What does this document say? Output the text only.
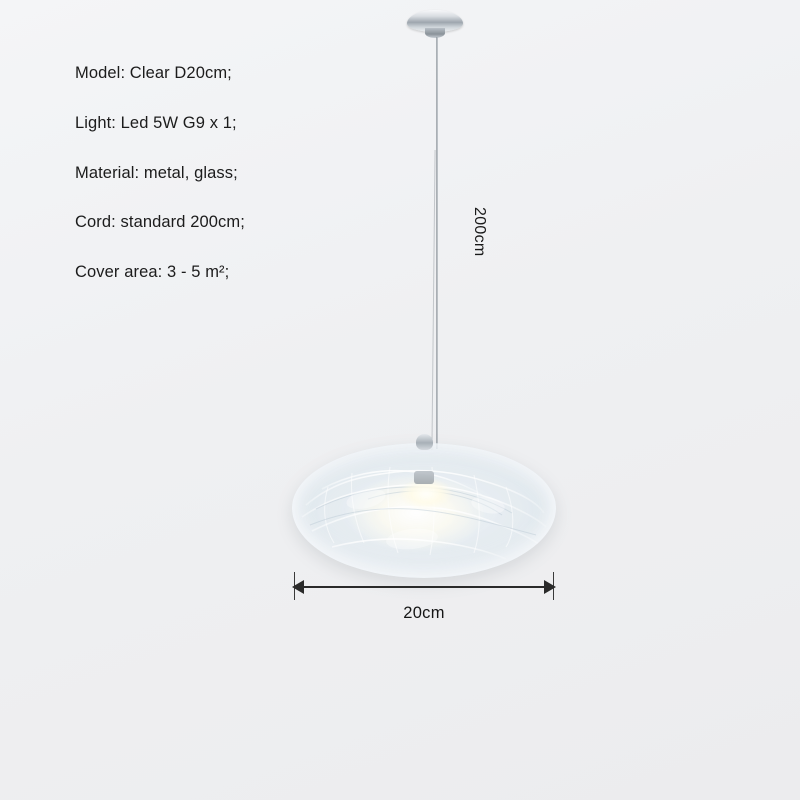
Model: Clear D20cm;
Light: Led 5W G9 x 1;
Material: metal, glass;
Cord: standard 200cm;
Cover area: 3 - 5 m²;
200cm
20cm
